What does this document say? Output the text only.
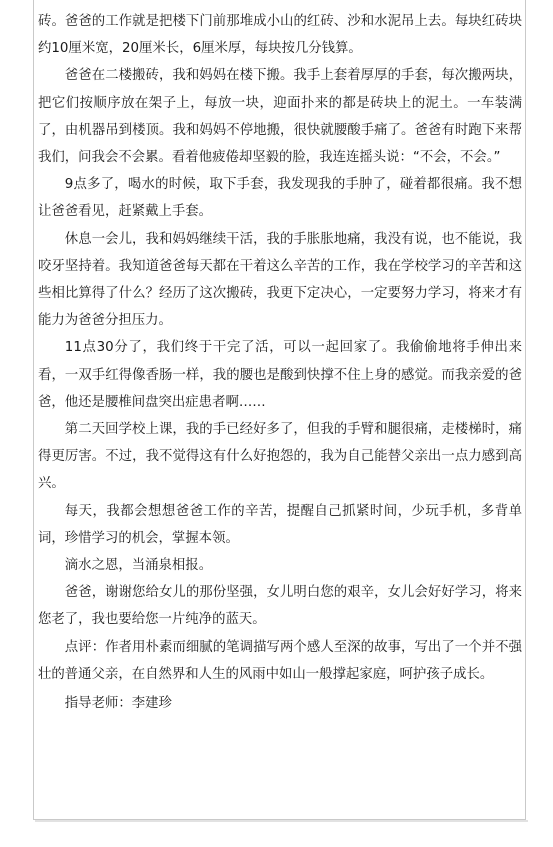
砖。爸爸的工作就是把楼下门前那堆成小山的红砖、沙和水泥吊上去。每块红砖块约10厘米宽，20厘米长，6厘米厚，每块按几分钱算。

爸爸在二楼搬砖，我和妈妈在楼下搬。我手上套着厚厚的手套，每次搬两块，把它们按顺序放在架子上，每放一块，迎面扑来的都是砖块上的泥土。一车装满了，由机器吊到楼顶。我和妈妈不停地搬，很快就腰酸手痛了。爸爸有时跑下来帮我们，问我会不会累。看着他疲倦却坚毅的脸，我连连摇头说：“不会，不会。”

9点多了，喝水的时候，取下手套，我发现我的手肿了，碰着都很痛。我不想让爸爸看见，赶紧戴上手套。

休息一会儿，我和妈妈继续干活，我的手胀胀地痛，我没有说，也不能说，我咬牙坚持着。我知道爸爸每天都在干着这么辛苦的工作，我在学校学习的辛苦和这些相比算得了什么？经历了这次搬砖，我更下定决心，一定要努力学习，将来才有能力为爸爸分担压力。

11点30分了，我们终于干完了活，可以一起回家了。我偷偷地将手伸出来看，一双手红得像香肠一样，我的腰也是酸到快撑不住上身的感觉。而我亲爱的爸爸，他还是腰椎间盘突出症患者啊……

第二天回学校上课，我的手已经好多了，但我的手臂和腿很痛，走楼梯时，痛得更厉害。不过，我不觉得这有什么好抱怨的，我为自己能替父亲出一点力感到高兴。

每天，我都会想想爸爸工作的辛苦，提醒自己抓紧时间，少玩手机，多背单词，珍惜学习的机会，掌握本领。

滴水之恩，当涌泉相报。

爸爸，谢谢您给女儿的那份坚强，女儿明白您的艰辛，女儿会好好学习，将来您老了，我也要给您一片纯净的蓝天。

点评：作者用朴素而细腻的笔调描写两个感人至深的故事，写出了一个并不强壮的普通父亲，在自然界和人生的风雨中如山一般撑起家庭，呵护孩子成长。

指导老师：李建珍
